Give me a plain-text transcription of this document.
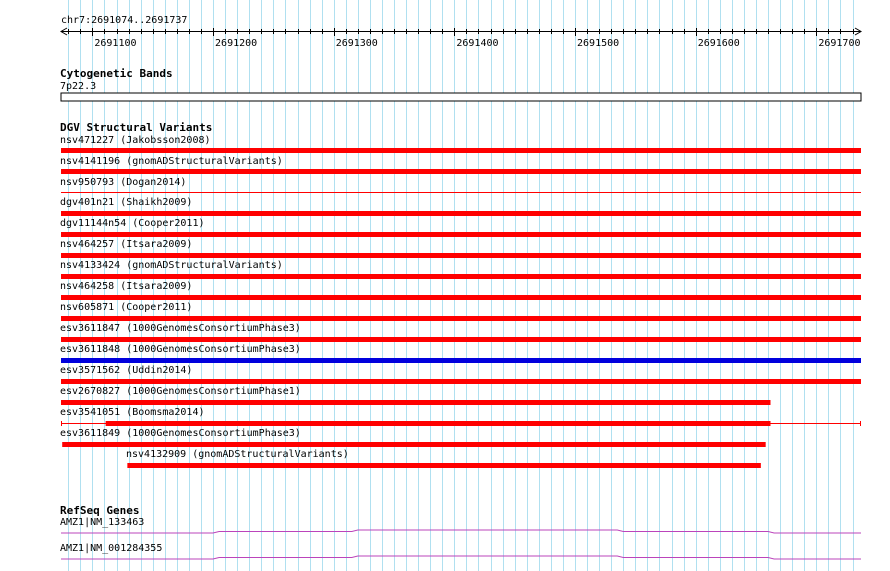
2691100	2691200	2691300	2691400	2691500	2691600	2691700
chr7:2691074..2691737
Cytogenetic Bands
7p22.3
DGV Structural Variants
nsv471227 (Jakobsson2008)
nsv4141196 (gnomADStructuralVariants)
nsv950793 (Dogan2014)
dgv401n21 (Shaikh2009)
dgv11144n54 (Cooper2011)
nsv464257 (Itsara2009)
nsv4133424 (gnomADStructuralVariants)
nsv464258 (Itsara2009)
nsv605871 (Cooper2011)
esv3611847 (1000GenomesConsortiumPhase3)
esv3611848 (1000GenomesConsortiumPhase3)
esv3571562 (Uddin2014)
esv2670827 (1000GenomesConsortiumPhase1)
esv3541051 (Boomsma2014)
esv3611849 (1000GenomesConsortiumPhase3)
nsv4132909 (gnomADStructuralVariants)
RefSeq Genes
AMZ1|NM_133463
AMZ1|NM_001284355
